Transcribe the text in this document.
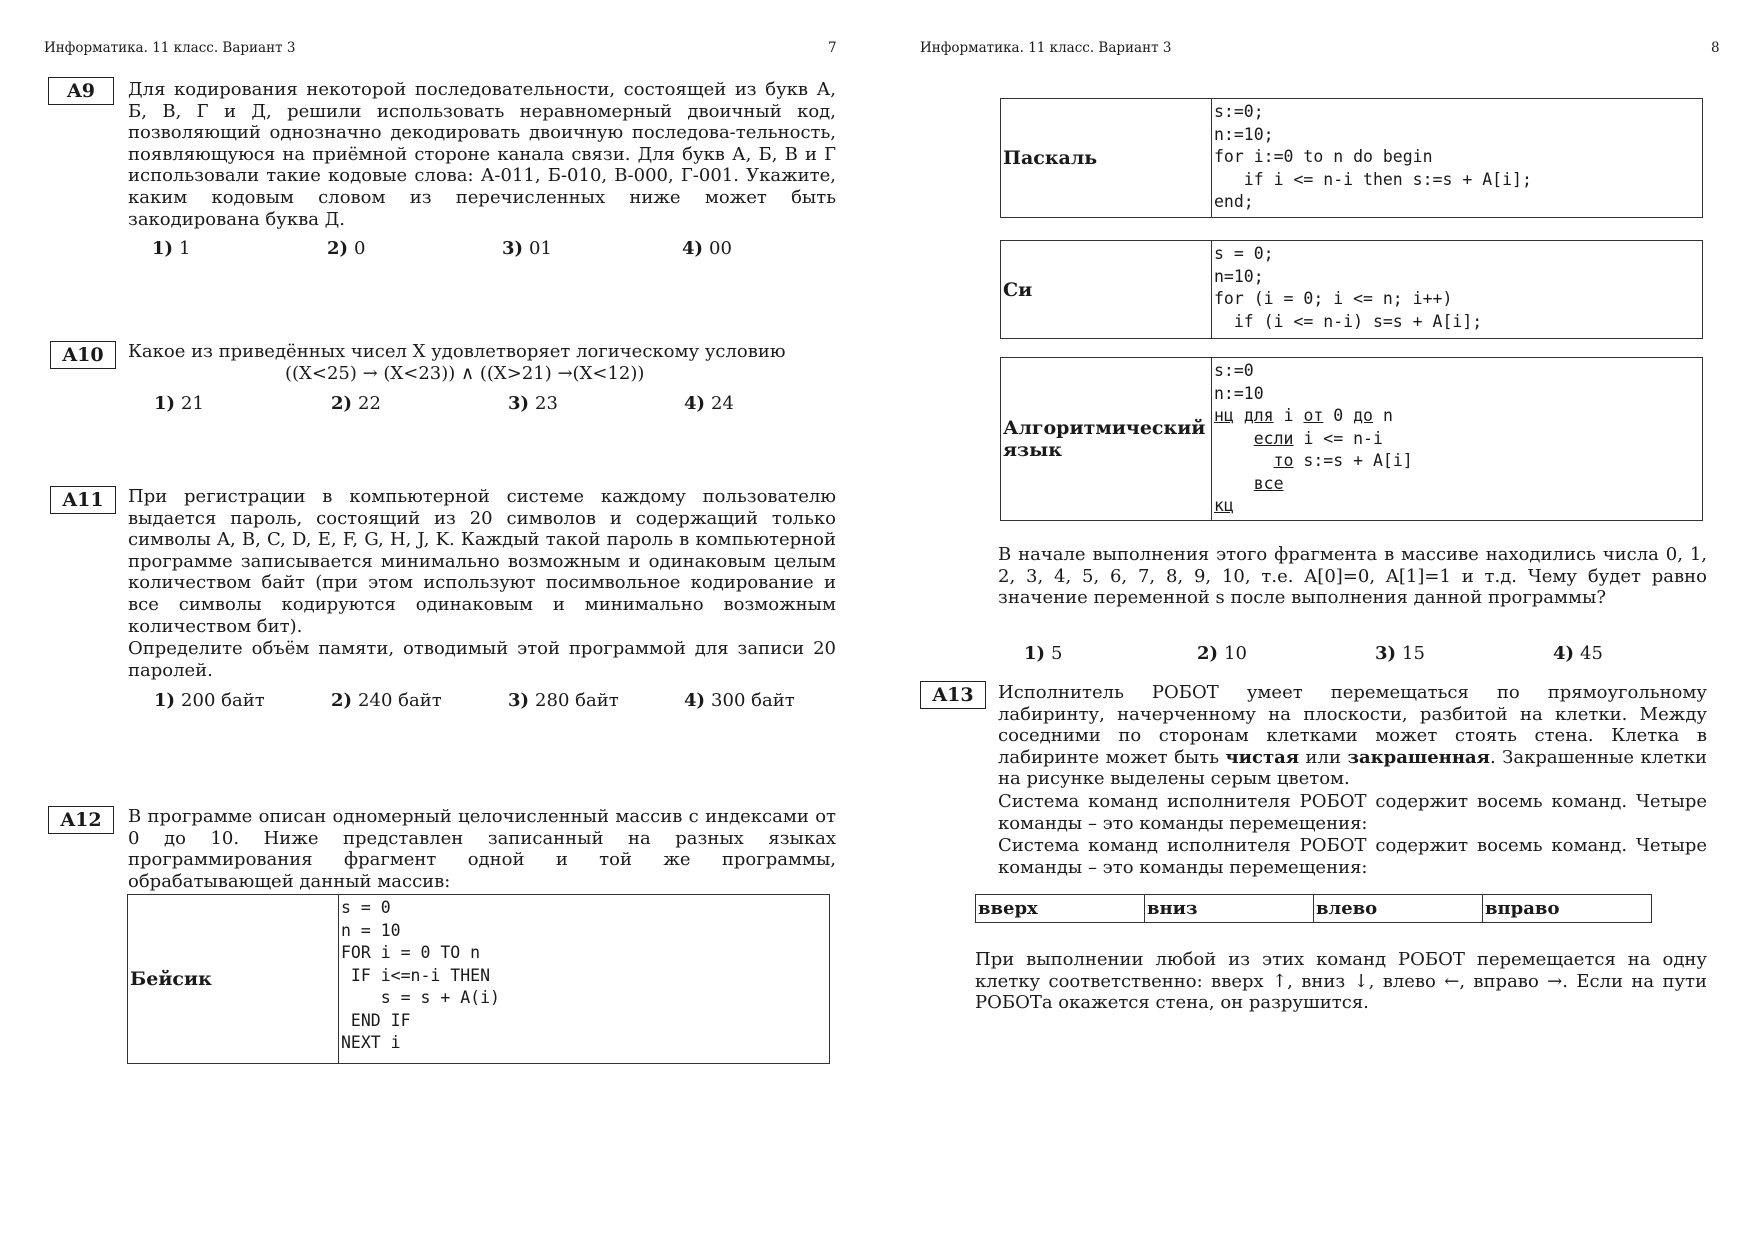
Информатика. 11 класс. Вариант 3	7
A9	Для кодирования некоторой последовательности, состоящей из букв А, Б, В, Г и Д, решили использовать неравномерный двоичный код, позволяющий однозначно декодировать двоичную последова-тельность, появляющуюся на приёмной стороне канала связи. Для букв А, Б, В и Г использовали такие кодовые слова: А-011, Б-010, В-000, Г-001. Укажите, каким кодовым словом из перечисленных ниже может быть закодирована буква Д.

1) 1	2) 0	3) 01	4) 00
A10	Какое из приведённых чисел X удовлетворяет логическому условию

((X<25) → (X<23)) ∧ ((X>21) →(X<12))
1) 21	2) 22	3) 23	4) 24
A11	При регистрации в компьютерной системе каждому пользователю выдается пароль, состоящий из 20 символов и содержащий только символы A, B, C, D, E, F, G, H, J, K. Каждый такой пароль в компьютерной программе записывается минимально возможным и одинаковым целым количеством байт (при этом используют посимвольное кодирование и все символы кодируются одинаковым и минимально возможным количеством бит).

Определите объём памяти, отводимый этой программой для записи 20 паролей.

1) 200 байт	2) 240 байт	3) 280 байт	4) 300 байт
A12	В программе описан одномерный целочисленный массив с индексами от 0 до 10. Ниже представлен записанный на разных языках программирования фрагмент одной и той же программы, обрабатывающей данный массив:

Бейсик	s = 0
n = 10
FOR i = 0 TO n
IF i<=n-i THEN
s = s + A(i)
END IF
NEXT i
Информатика. 11 класс. Вариант 3	8
Паскаль	s:=0;
n:=10;
for i:=0 to n do begin
if i <= n-i then s:=s + A[i];
end;
Си	s = 0;
n=10;
for (i = 0; i <= n; i++)
if (i <= n-i) s=s + A[i];
Алгоритмический язык	s:=0
n:=10
нц для i от 0 до n
если i <= n-i
то s:=s + A[i]
все
кц

В начале выполнения этого фрагмента в массиве находились числа 0, 1, 2, 3, 4, 5, 6, 7, 8, 9, 10, т.е. A[0]=0, A[1]=1 и т.д. Чему будет равно значение переменной s после выполнения данной программы?

1) 5	2) 10	3) 15	4) 45
A13	Исполнитель РОБОТ умеет перемещаться по прямоугольному лабиринту, начерченному на плоскости, разбитой на клетки. Между соседними по сторонам клетками может стоять стена. Клетка в лабиринте может быть чистая или закрашенная. Закрашенные клетки на рисунке выделены серым цветом.

Система команд исполнителя РОБОТ содержит восемь команд. Четыре команды – это команды перемещения:

Система команд исполнителя РОБОТ содержит восемь команд. Четыре команды – это команды перемещения:

вверх	вниз	влево	вправо

При выполнении любой из этих команд РОБОТ перемещается на одну клетку соответственно: вверх ↑, вниз ↓, влево ←, вправо →. Если на пути РОБОТа окажется стена, он разрушится.
